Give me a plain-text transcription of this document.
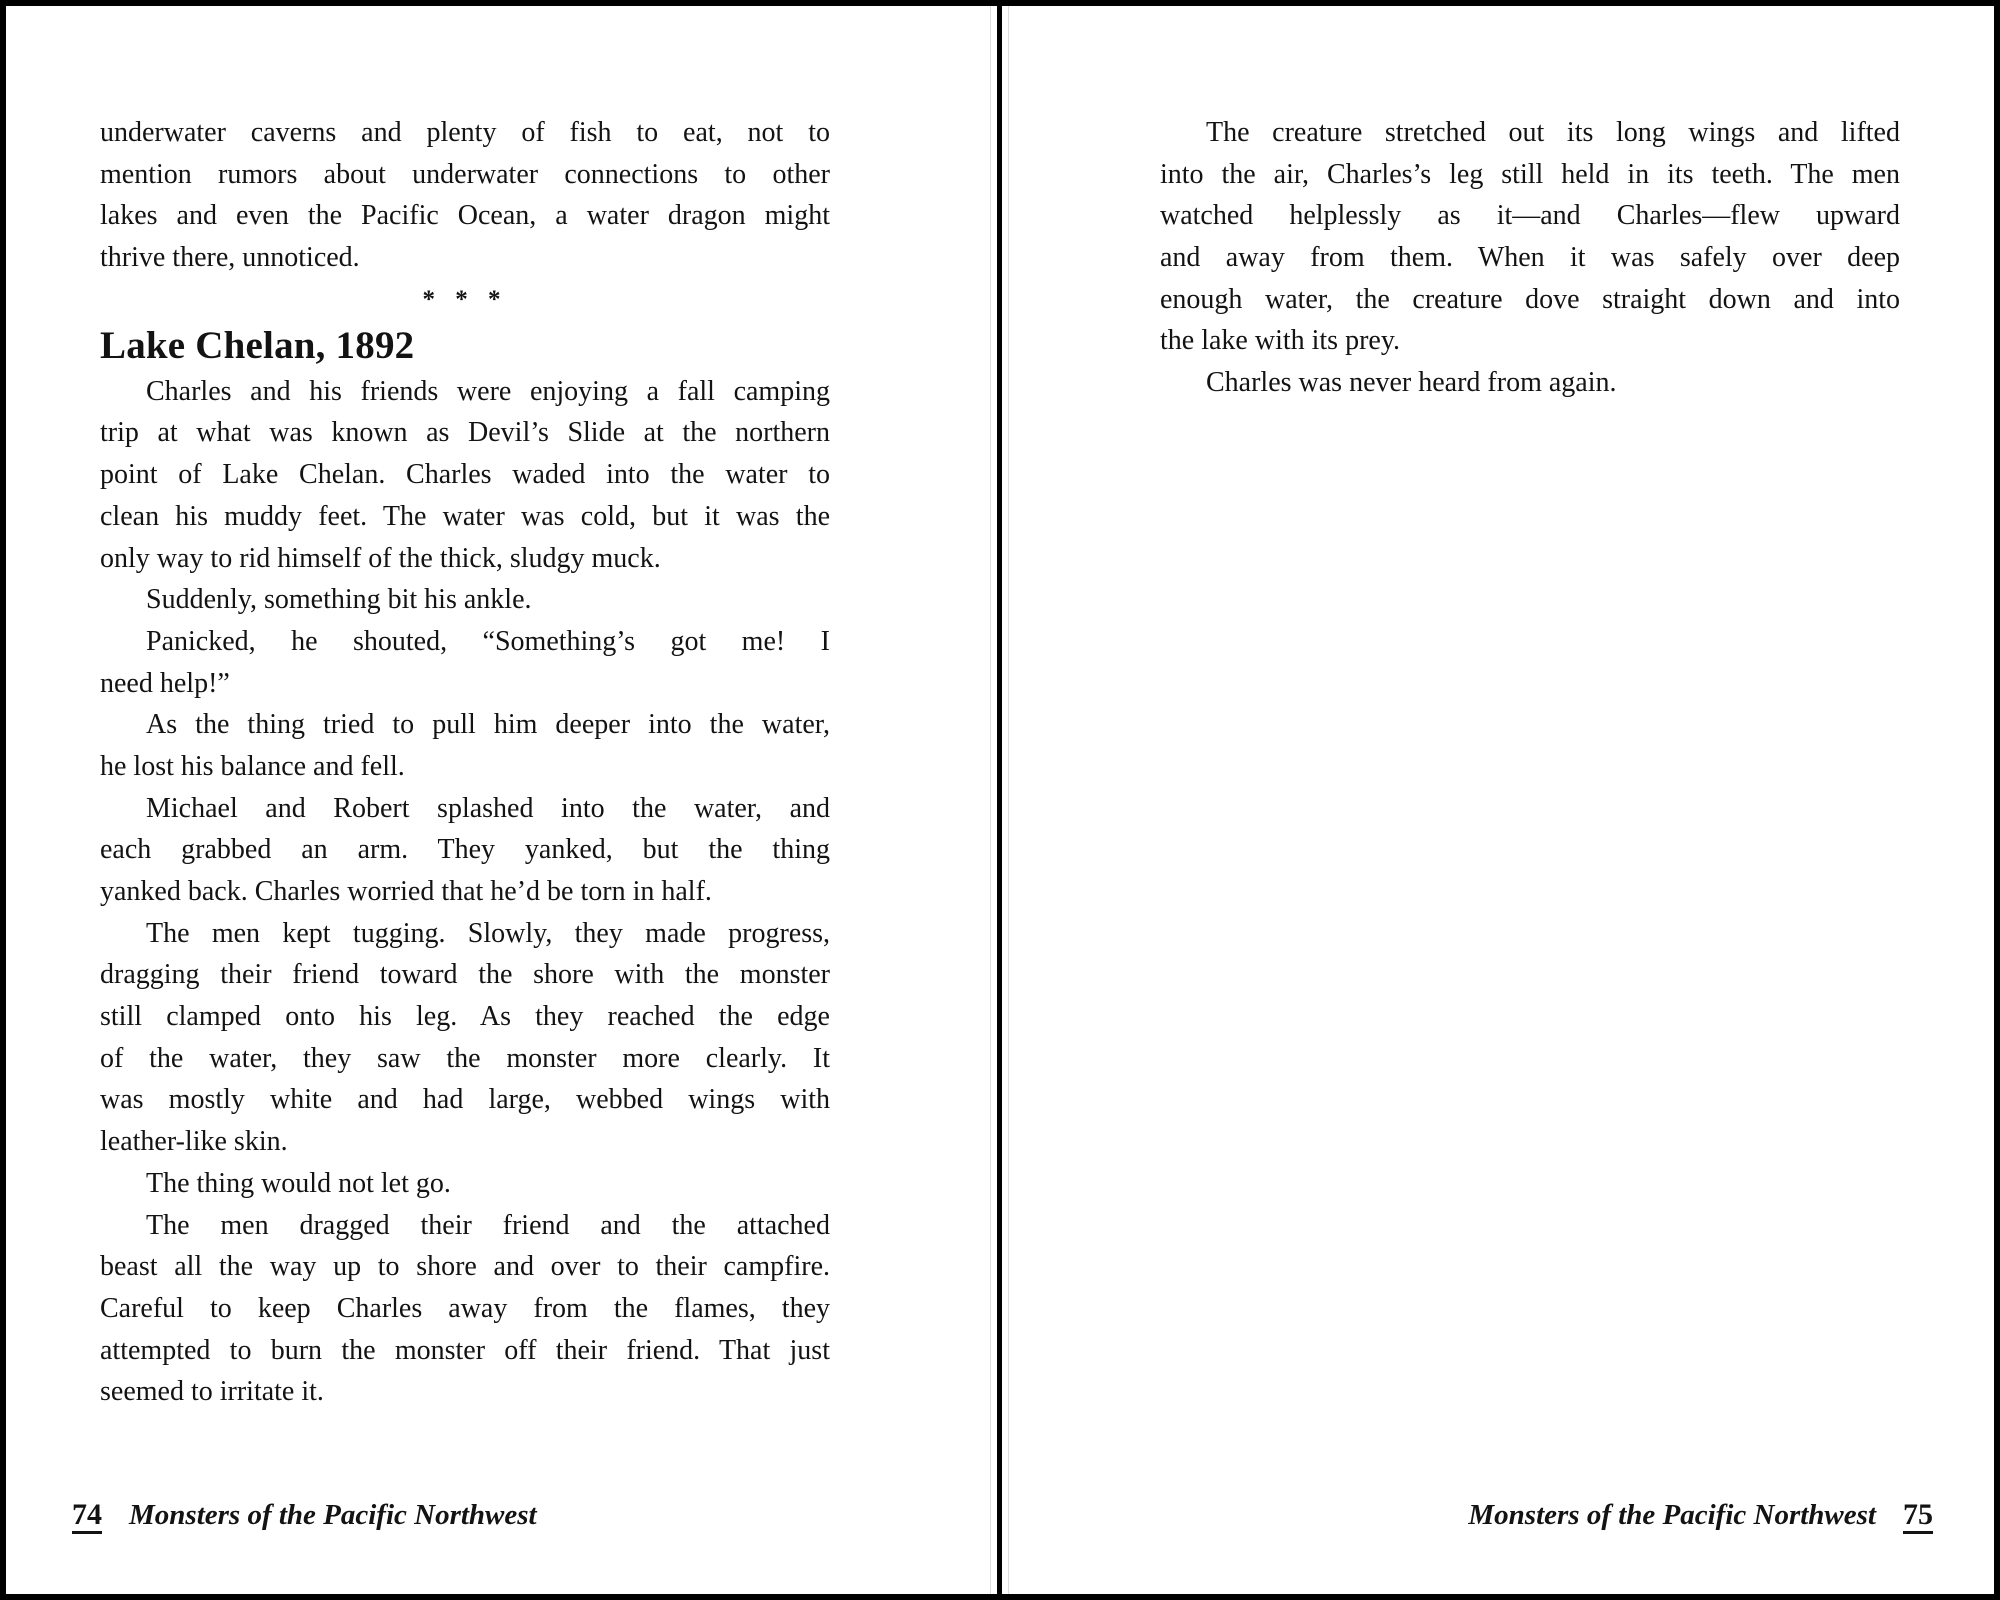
underwater caverns and plenty of fish to eat, not to
mention rumors about underwater connections to other
lakes and even the Pacific Ocean, a water dragon might
thrive there, unnoticed.
* * *
Lake Chelan, 1892
Charles and his friends were enjoying a fall camping
trip at what was known as Devil’s Slide at the northern
point of Lake Chelan. Charles waded into the water to
clean his muddy feet. The water was cold, but it was the
only way to rid himself of the thick, sludgy muck.
Suddenly, something bit his ankle.
Panicked, he shouted, “Something’s got me! I
need help!”
As the thing tried to pull him deeper into the water,
he lost his balance and fell.
Michael and Robert splashed into the water, and
each grabbed an arm. They yanked, but the thing
yanked back. Charles worried that he’d be torn in half.
The men kept tugging. Slowly, they made progress,
dragging their friend toward the shore with the monster
still clamped onto his leg. As they reached the edge
of the water, they saw the monster more clearly. It
was mostly white and had large, webbed wings with
leather-like skin.
The thing would not let go.
The men dragged their friend and the attached
beast all the way up to shore and over to their campfire.
Careful to keep Charles away from the flames, they
attempted to burn the monster off their friend. That just
seemed to irritate it.
74 Monsters of the Pacific Northwest
The creature stretched out its long wings and lifted
into the air, Charles’s leg still held in its teeth. The men
watched helplessly as it—and Charles—flew upward
and away from them. When it was safely over deep
enough water, the creature dove straight down and into
the lake with its prey.
Charles was never heard from again.
Monsters of the Pacific Northwest 75
